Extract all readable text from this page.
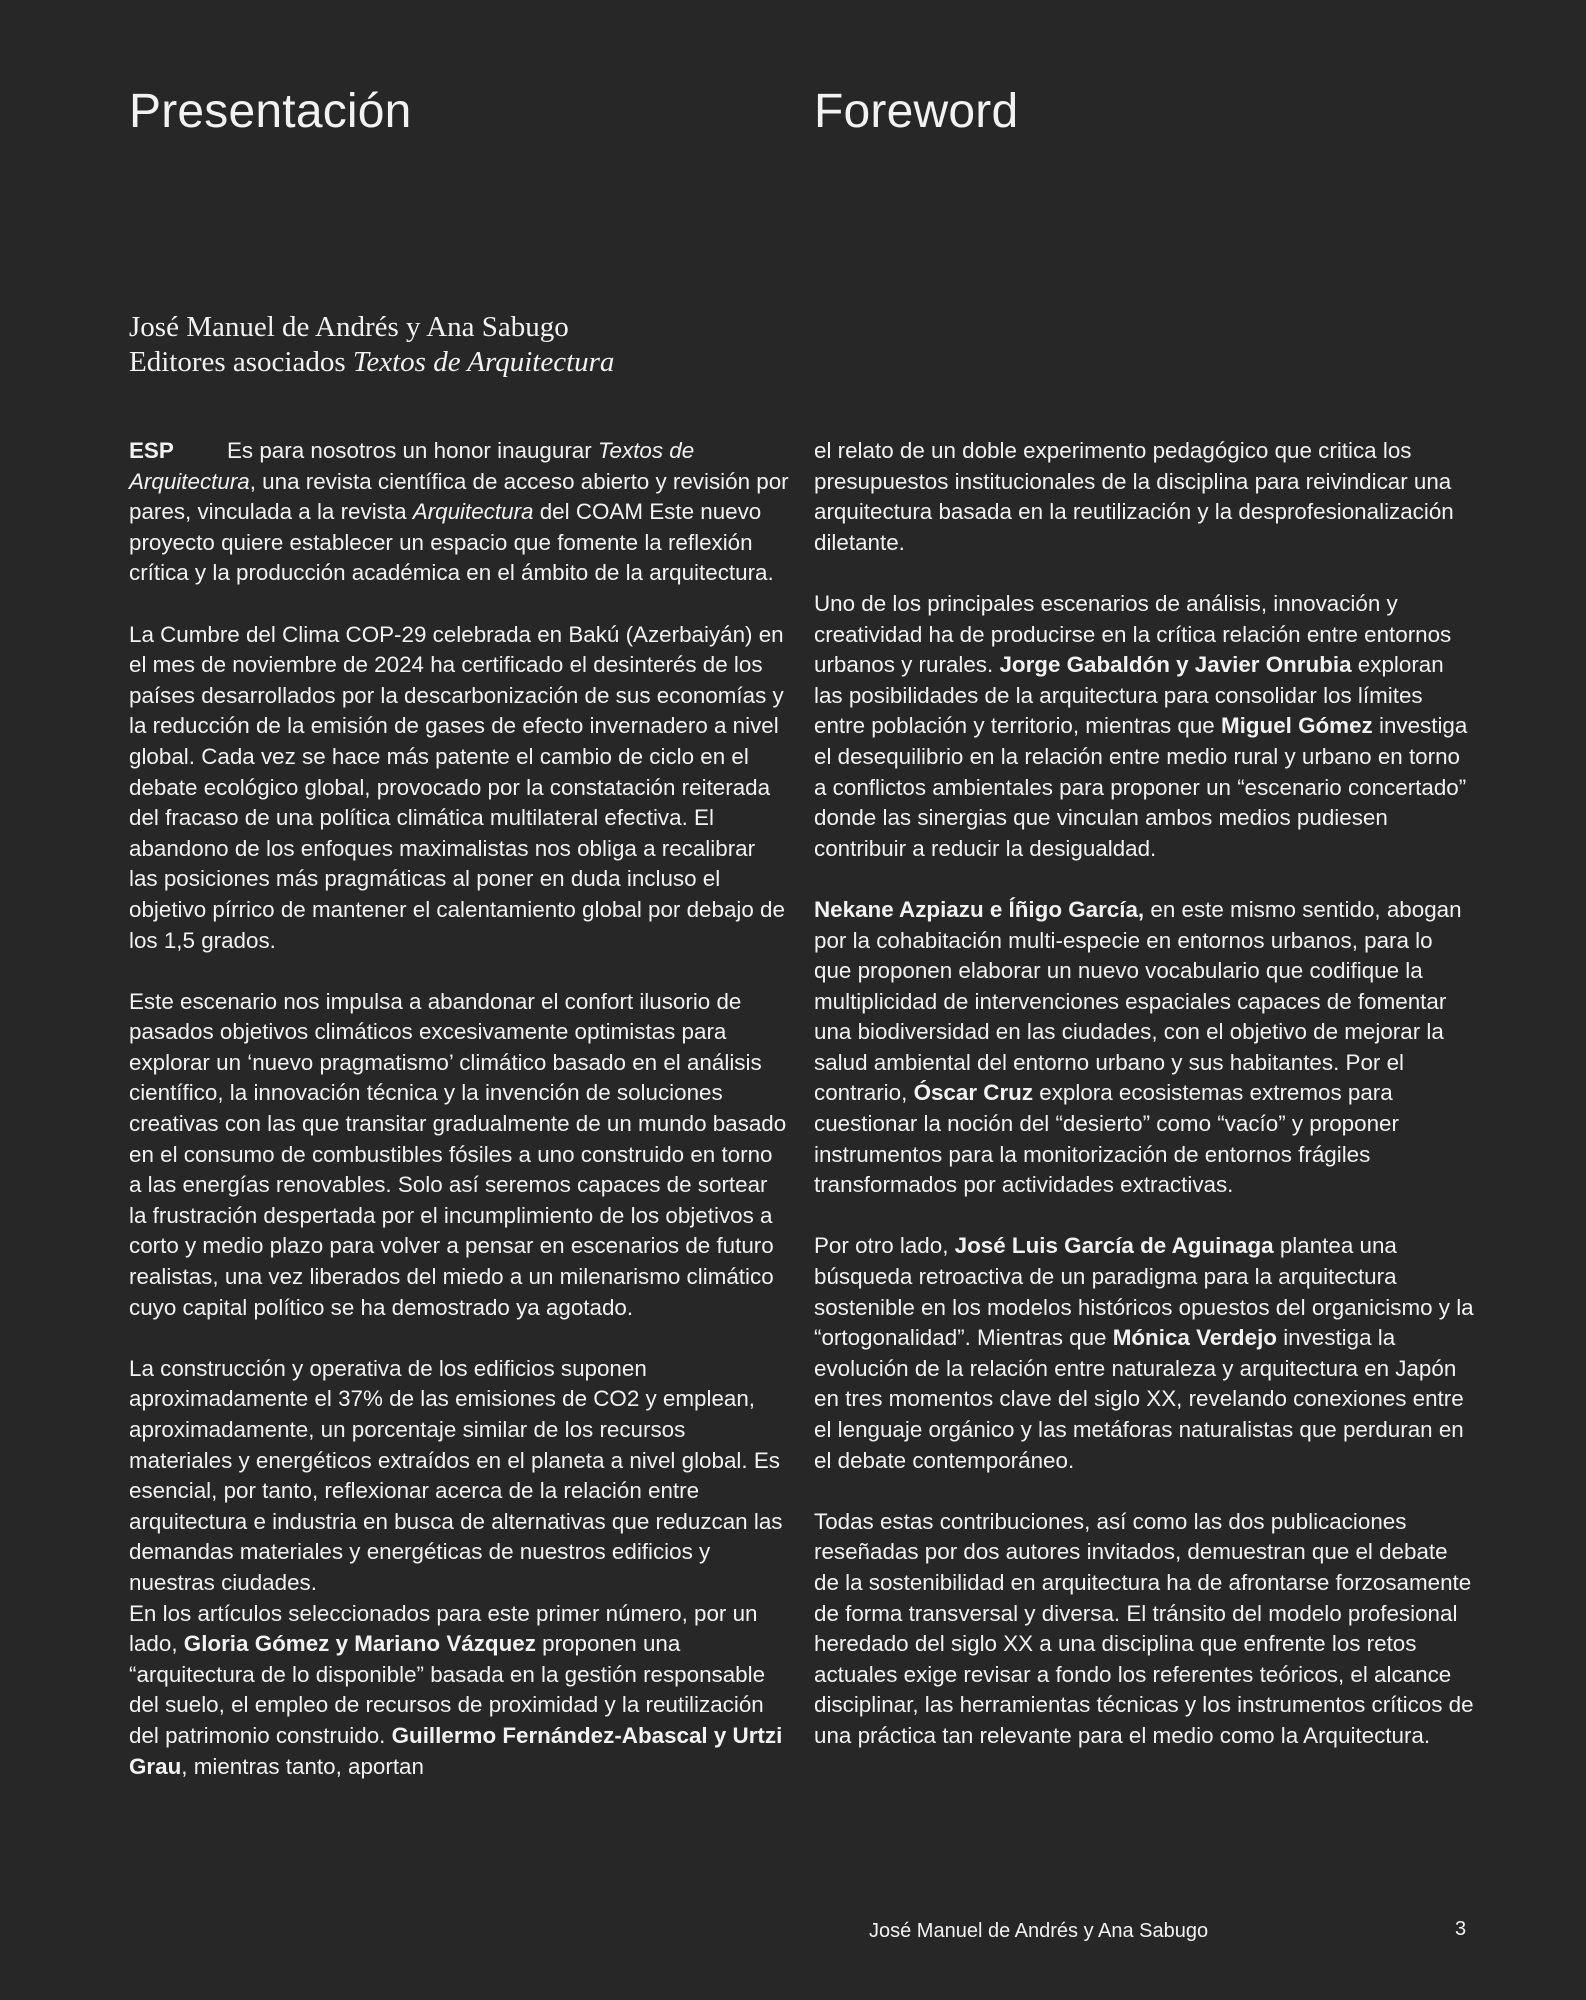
Presentación	Foreword
José Manuel de Andrés y Ana Sabugo
Editores asociados Textos de Arquitectura

ESP Es para nosotros un honor inaugurar Textos de Arquitectura, una revista científica de acceso abierto y revisión por pares, vinculada a la revista Arquitectura del COAM Este nuevo proyecto quiere establecer un espacio que fomente la reflexión crítica y la producción académica en el ámbito de la arquitectura.

La Cumbre del Clima COP-29 celebrada en Bakú (Azerbaiyán) en el mes de noviembre de 2024 ha certificado el desinterés de los países desarrollados por la descarbonización de sus economías y la reducción de la emisión de gases de efecto invernadero a nivel global. Cada vez se hace más patente el cambio de ciclo en el debate ecológico global, provocado por la constatación reiterada del fracaso de una política climática multilateral efectiva. El abandono de los enfoques maximalistas nos obliga a recalibrar las posiciones más pragmáticas al poner en duda incluso el objetivo pírrico de mantener el calentamiento global por debajo de los 1,5 grados.

Este escenario nos impulsa a abandonar el confort ilusorio de pasados objetivos climáticos excesivamente optimistas para explorar un ‘nuevo pragmatismo’ climático basado en el análisis científico, la innovación técnica y la invención de soluciones creativas con las que transitar gradualmente de un mundo basado en el consumo de combustibles fósiles a uno construido en torno a las energías renovables. Solo así seremos capaces de sortear la frustración despertada por el incumplimiento de los objetivos a corto y medio plazo para volver a pensar en escenarios de futuro realistas, una vez liberados del miedo a un milenarismo climático cuyo capital político se ha demostrado ya agotado.

La construcción y operativa de los edificios suponen aproximadamente el 37% de las emisiones de CO2 y emplean, aproximadamente, un porcentaje similar de los recursos materiales y energéticos extraídos en el planeta a nivel global. Es esencial, por tanto, reflexionar acerca de la relación entre arquitectura e industria en busca de alternativas que reduzcan las demandas materiales y energéticas de nuestros edificios y nuestras ciudades.

En los artículos seleccionados para este primer número, por un lado, Gloria Gómez y Mariano Vázquez proponen una “arquitectura de lo disponible” basada en la gestión responsable del suelo, el empleo de recursos de proximidad y la reutilización del patrimonio construido. Guillermo Fernández-Abascal y Urtzi Grau, mientras tanto, aportan

el relato de un doble experimento pedagógico que critica los presupuestos institucionales de la disciplina para reivindicar una arquitectura basada en la reutilización y la desprofesionalización diletante.

Uno de los principales escenarios de análisis, innovación y creatividad ha de producirse en la crítica relación entre entornos urbanos y rurales. Jorge Gabaldón y Javier Onrubia exploran las posibilidades de la arquitectura para consolidar los límites entre población y territorio, mientras que Miguel Gómez investiga el desequilibrio en la relación entre medio rural y urbano en torno a conflictos ambientales para proponer un “escenario concertado” donde las sinergias que vinculan ambos medios pudiesen contribuir a reducir la desigualdad.

Nekane Azpiazu e Íñigo García, en este mismo sentido, abogan por la cohabitación multi-especie en entornos urbanos, para lo que proponen elaborar un nuevo vocabulario que codifique la multiplicidad de intervenciones espaciales capaces de fomentar una biodiversidad en las ciudades, con el objetivo de mejorar la salud ambiental del entorno urbano y sus habitantes. Por el contrario, Óscar Cruz explora ecosistemas extremos para cuestionar la noción del “desierto” como “vacío” y proponer instrumentos para la monitorización de entornos frágiles transformados por actividades extractivas.

Por otro lado, José Luis García de Aguinaga plantea una búsqueda retroactiva de un paradigma para la arquitectura sostenible en los modelos históricos opuestos del organicismo y la “ortogonalidad”. Mientras que Mónica Verdejo investiga la evolución de la relación entre naturaleza y arquitectura en Japón en tres momentos clave del siglo XX, revelando conexiones entre el lenguaje orgánico y las metáforas naturalistas que perduran en el debate contemporáneo.

Todas estas contribuciones, así como las dos publicaciones reseñadas por dos autores invitados, demuestran que el debate de la sostenibilidad en arquitectura ha de afrontarse forzosamente de forma transversal y diversa. El tránsito del modelo profesional heredado del siglo XX a una disciplina que enfrente los retos actuales exige revisar a fondo los referentes teóricos, el alcance disciplinar, las herramientas técnicas y los instrumentos críticos de una práctica tan relevante para el medio como la Arquitectura.

José Manuel de Andrés y Ana Sabugo	3
